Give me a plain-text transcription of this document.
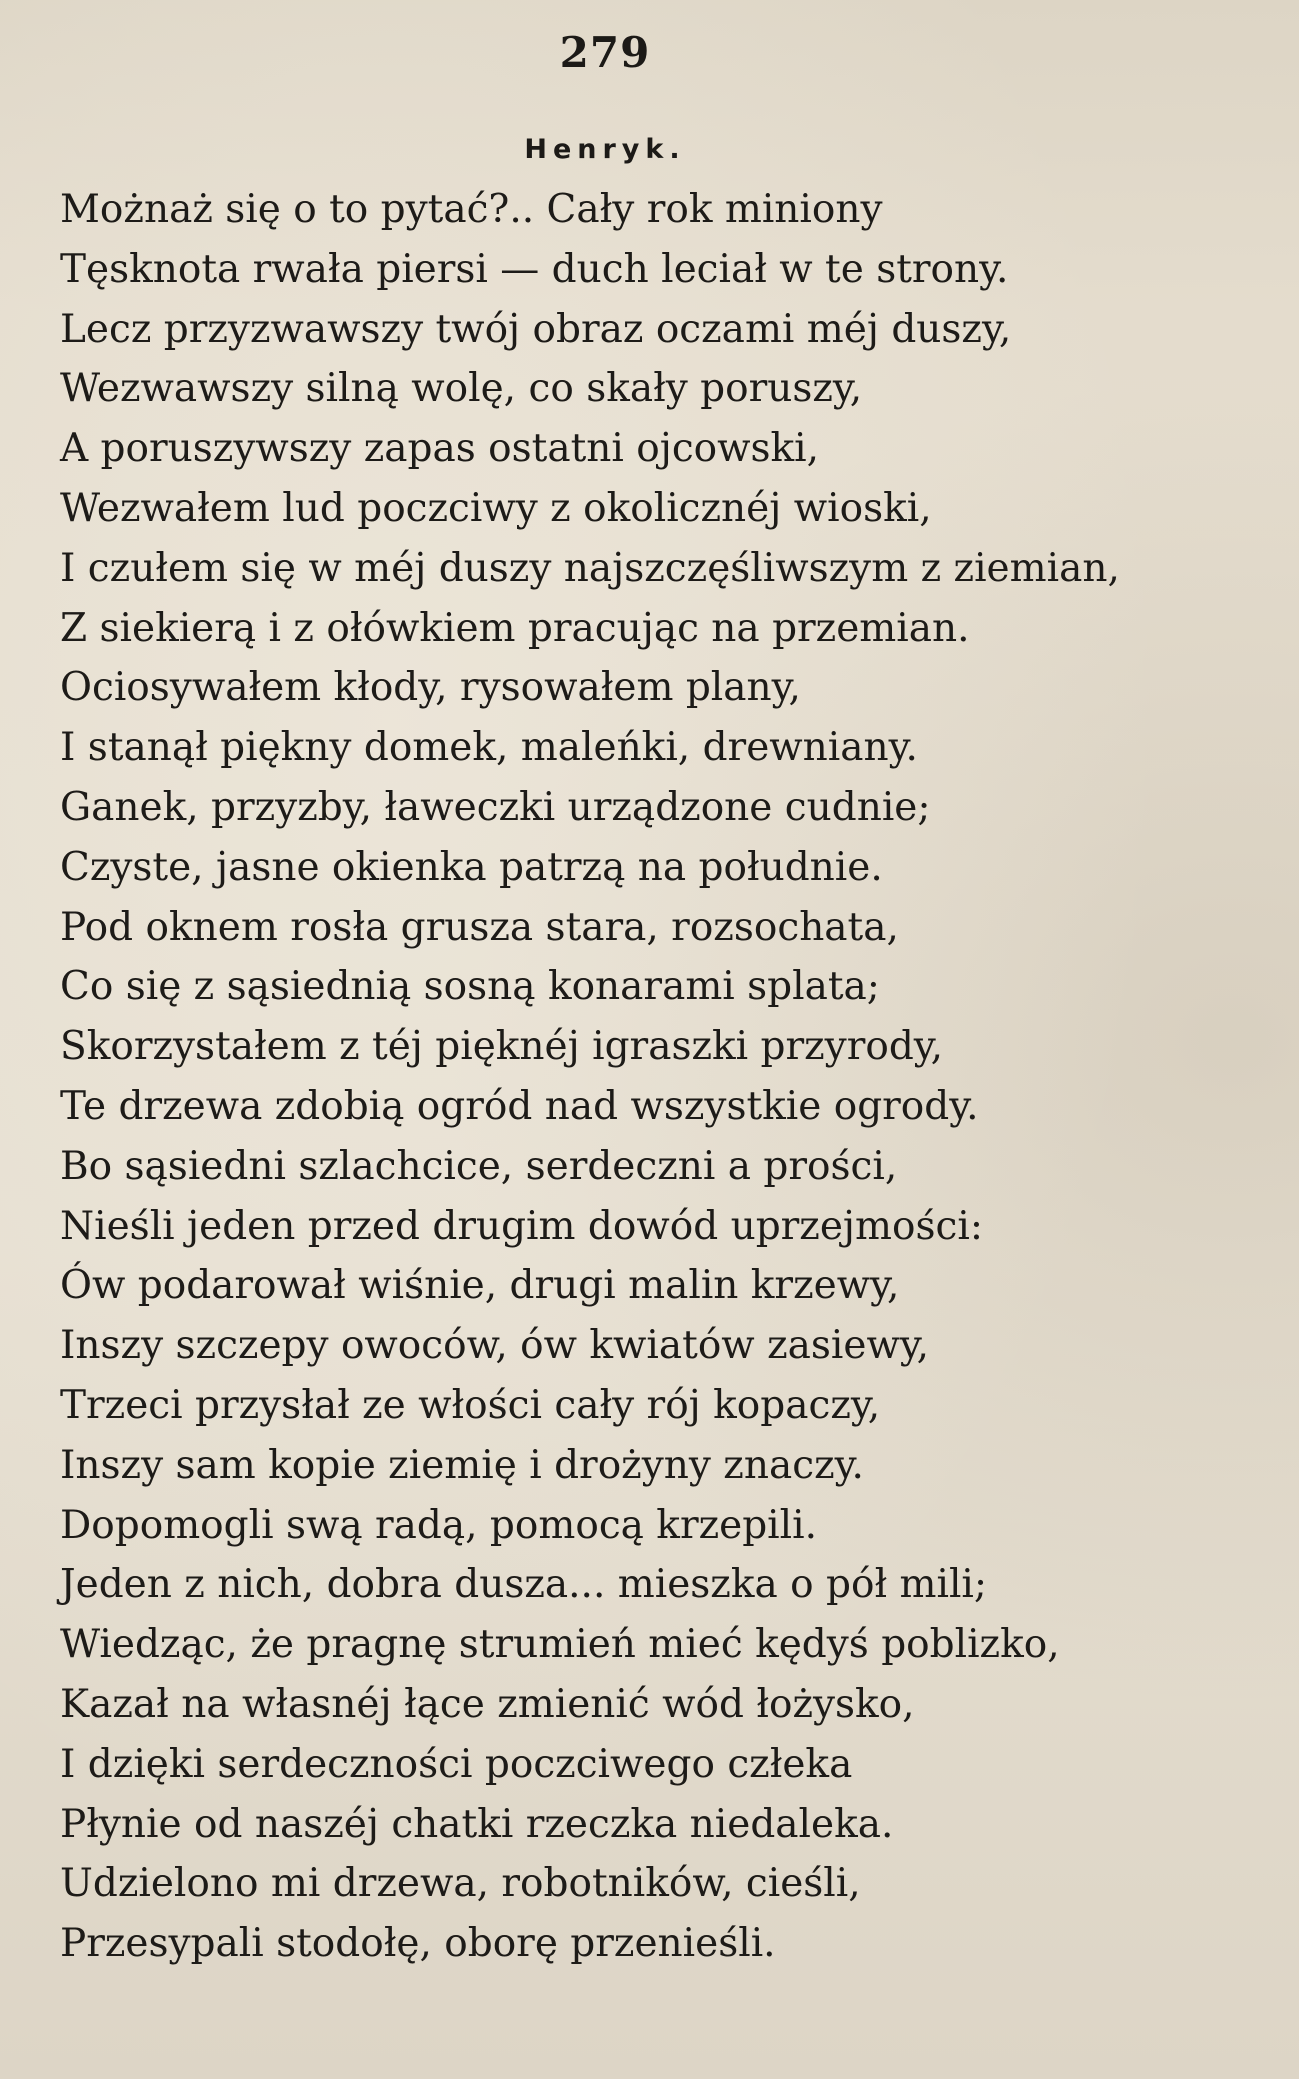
279
Henryk.
Możnaż się o to pytać?.. Cały rok miniony
Tęsknota rwała piersi — duch leciał w te strony.
Lecz przyzwawszy twój obraz oczami méj duszy,
Wezwawszy silną wolę, co skały poruszy,
A poruszywszy zapas ostatni ojcowski,
Wezwałem lud poczciwy z okolicznéj wioski,
I czułem się w méj duszy najszczęśliwszym z ziemian,
Z siekierą i z ołówkiem pracując na przemian.
Ociosywałem kłody, rysowałem plany,
I stanął piękny domek, maleńki, drewniany.
Ganek, przyzby, ławeczki urządzone cudnie;
Czyste, jasne okienka patrzą na południe.
Pod oknem rosła grusza stara, rozsochata,
Co się z sąsiednią sosną konarami splata;
Skorzystałem z téj pięknéj igraszki przyrody,
Te drzewa zdobią ogród nad wszystkie ogrody.
Bo sąsiedni szlachcice, serdeczni a prości,
Nieśli jeden przed drugim dowód uprzejmości:
Ów podarował wiśnie, drugi malin krzewy,
Inszy szczepy owoców, ów kwiatów zasiewy,
Trzeci przysłał ze włości cały rój kopaczy,
Inszy sam kopie ziemię i drożyny znaczy.
Dopomogli swą radą, pomocą krzepili.
Jeden z nich, dobra dusza... mieszka o pół mili;
Wiedząc, że pragnę strumień mieć kędyś poblizko,
Kazał na własnéj łące zmienić wód łożysko,
I dzięki serdeczności poczciwego człeka
Płynie od naszéj chatki rzeczka niedaleka.
Udzielono mi drzewa, robotników, cieśli,
Przesypali stodołę, oborę przenieśli.
